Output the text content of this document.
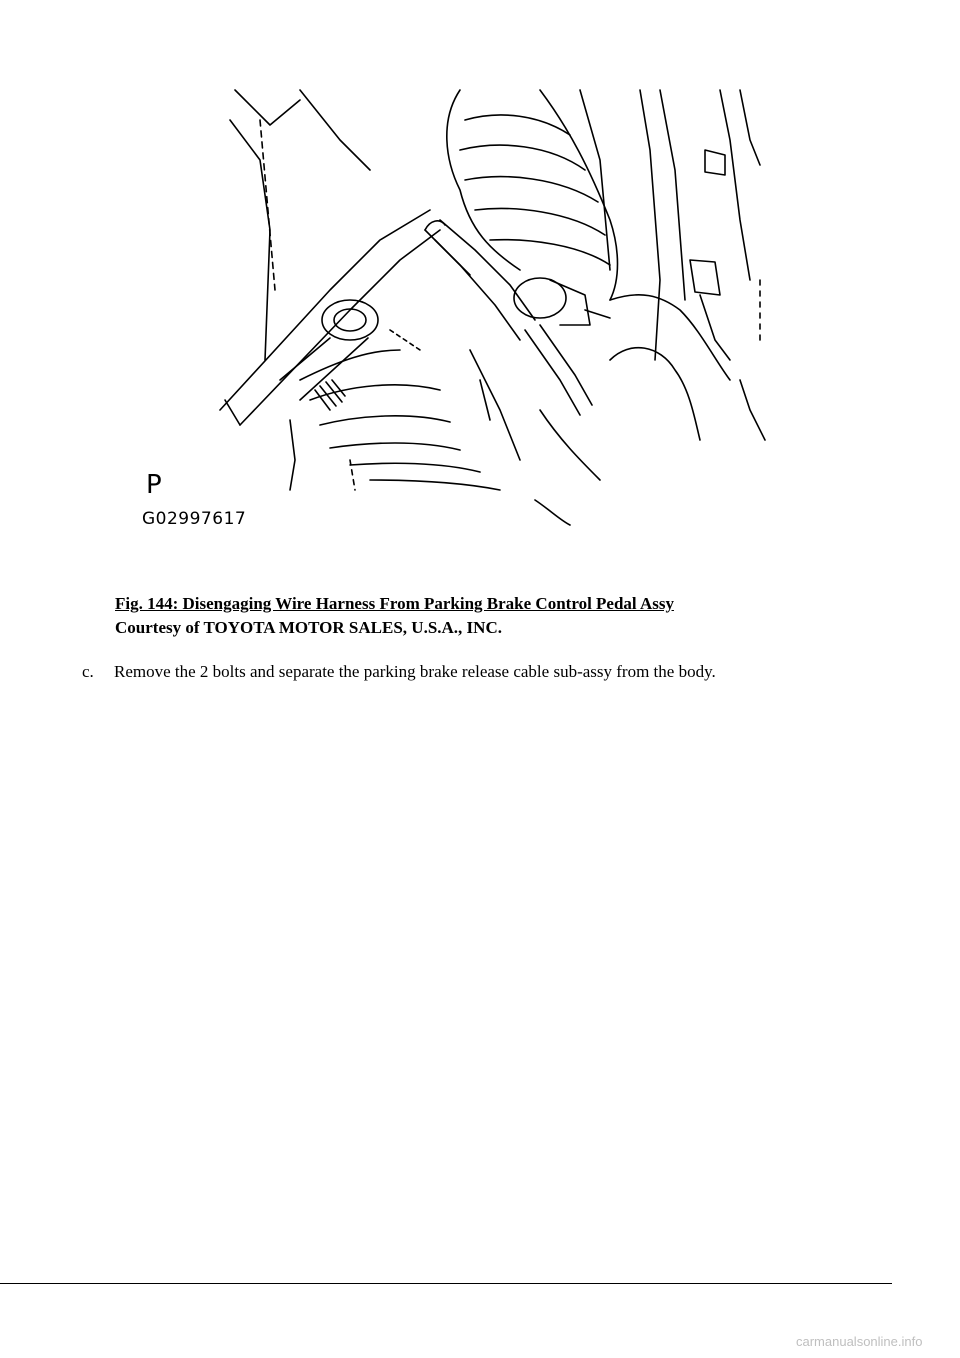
P
G02997617
Fig. 144: Disengaging Wire Harness From Parking Brake Control Pedal Assy
Courtesy of TOYOTA MOTOR SALES, U.S.A., INC.
c. Remove the 2 bolts and separate the parking brake release cable sub-assy from the body.
carmanualsonline.info
